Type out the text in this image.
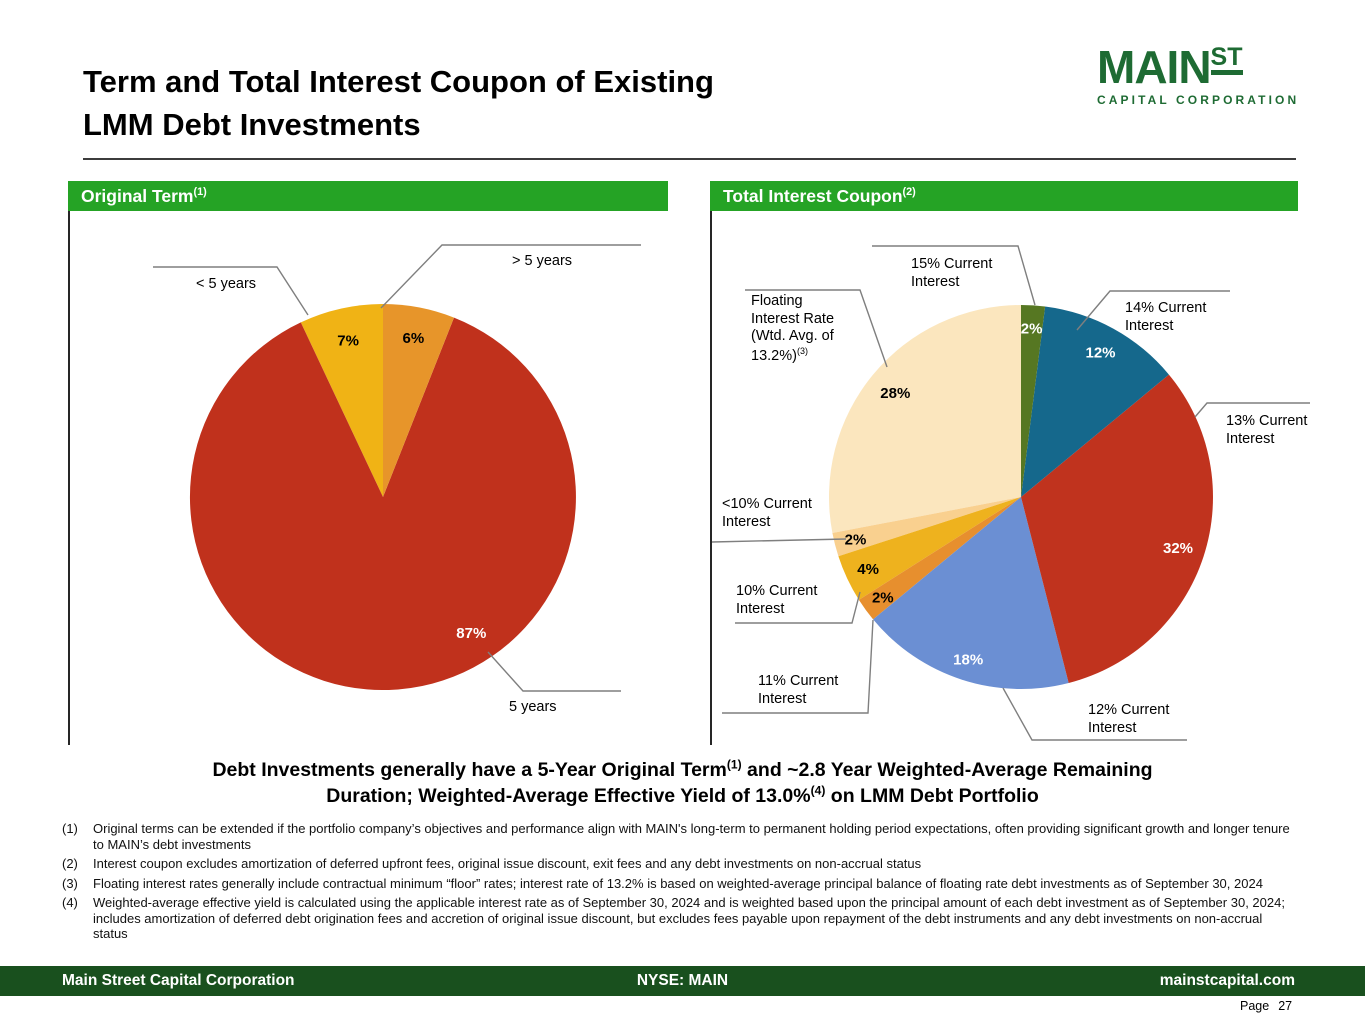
Term and Total Interest Coupon of Existing
LMM Debt Investments
MAINST
CAPITAL CORPORATION
Original Term$^{(1)}$	Total Interest Coupon$^{(2)}$
6%
87%
7%
2%
12%
32%
18%
2%
4%
2%
28%
< 5 years
> 5 years
5 years
15% Current Interest
14% Current Interest
13% Current Interest
12% Current Interest
11% Current Interest
10% Current Interest
<10% Current Interest
Floating Interest Rate (Wtd. Avg. of 13.2%)$^{(3)}$
Debt Investments generally have a 5-Year Original Term$^{(1)}$ and ~2.8 Year Weighted-Average Remaining
Duration; Weighted-Average Effective Yield of 13.0%$^{(4)}$ on LMM Debt Portfolio
(1)	Original terms can be extended if the portfolio company’s objectives and performance align with MAIN's long-term to permanent holding period expectations, often providing significant growth and longer tenure to MAIN’s debt investments
(2)	Interest coupon excludes amortization of deferred upfront fees, original issue discount, exit fees and any debt investments on non-accrual status
(3)	Floating interest rates generally include contractual minimum “floor” rates; interest rate of 13.2% is based on weighted-average principal balance of floating rate debt investments as of September 30, 2024
(4)	Weighted-average effective yield is calculated using the applicable interest rate as of September 30, 2024 and is weighted based upon the principal amount of each debt investment as of September 30, 2024; includes amortization of deferred debt origination fees and accretion of original issue discount, but excludes fees payable upon repayment of the debt instruments and any debt investments on non-accrual status
Main Street Capital Corporation	NYSE: MAIN	mainstcapital.com
Page 27
